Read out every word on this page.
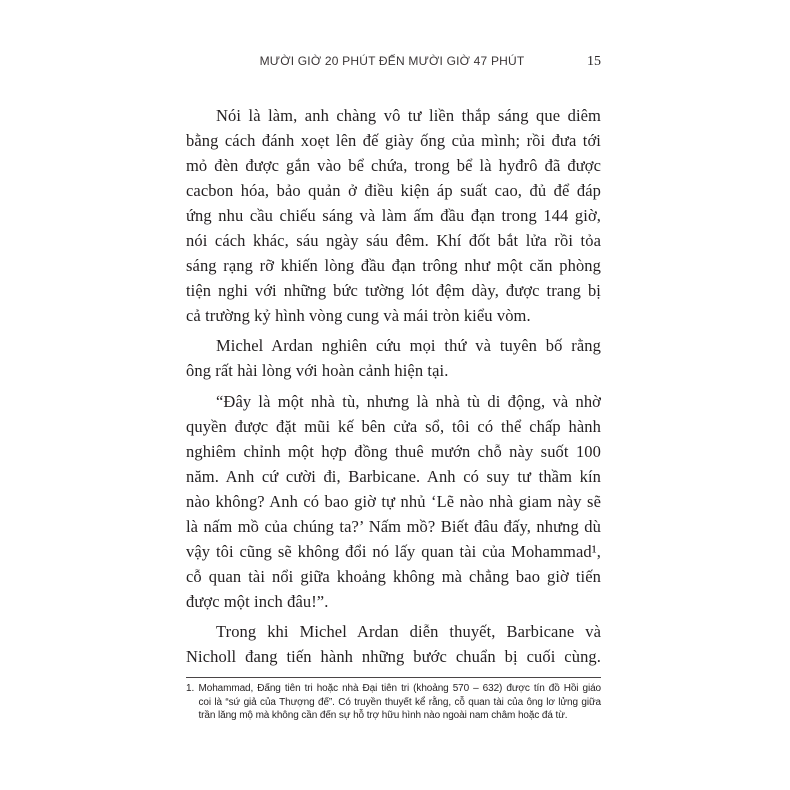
MƯỜI GIỜ 20 PHÚT ĐẾN MƯỜI GIỜ 47 PHÚT	15
Nói là làm, anh chàng vô tư liền thắp sáng que diêm
bằng cách đánh xoẹt lên đế giày ống của mình; rồi đưa tới
mỏ đèn được gắn vào bể chứa, trong bể là hyđrô đã được
cacbon hóa, bảo quản ở điều kiện áp suất cao, đủ để đáp
ứng nhu cầu chiếu sáng và làm ấm đầu đạn trong 144 giờ,
nói cách khác, sáu ngày sáu đêm. Khí đốt bắt lửa rồi tỏa
sáng rạng rỡ khiến lòng đầu đạn trông như một căn phòng
tiện nghi với những bức tường lót đệm dày, được trang bị
cả trường kỷ hình vòng cung và mái tròn kiểu vòm.
Michel Ardan nghiên cứu mọi thứ và tuyên bố rằng
ông rất hài lòng với hoàn cảnh hiện tại.
“Đây là một nhà tù, nhưng là nhà tù di động, và nhờ
quyền được đặt mũi kế bên cửa sổ, tôi có thể chấp hành
nghiêm chỉnh một hợp đồng thuê mướn chỗ này suốt 100
năm. Anh cứ cười đi, Barbicane. Anh có suy tư thầm kín
nào không? Anh có bao giờ tự nhủ ‘Lẽ nào nhà giam này sẽ
là nấm mồ của chúng ta?’ Nấm mồ? Biết đâu đấy, nhưng dù
vậy tôi cũng sẽ không đổi nó lấy quan tài của Mohammad¹,
cỗ quan tài nổi giữa khoảng không mà chẳng bao giờ tiến
được một inch đâu!”.
Trong khi Michel Ardan diễn thuyết, Barbicane và
Nicholl đang tiến hành những bước chuẩn bị cuối cùng.
1. Mohammad, Đấng tiên tri hoặc nhà Đại tiên tri (khoảng 570 – 632) được tín đồ Hồi giáo
coi là “sứ giả của Thượng đế”. Có truyền thuyết kể rằng, cỗ quan tài của ông lơ lửng giữa
trần lăng mộ mà không cần đến sự hỗ trợ hữu hình nào ngoài nam châm hoặc đá từ.
